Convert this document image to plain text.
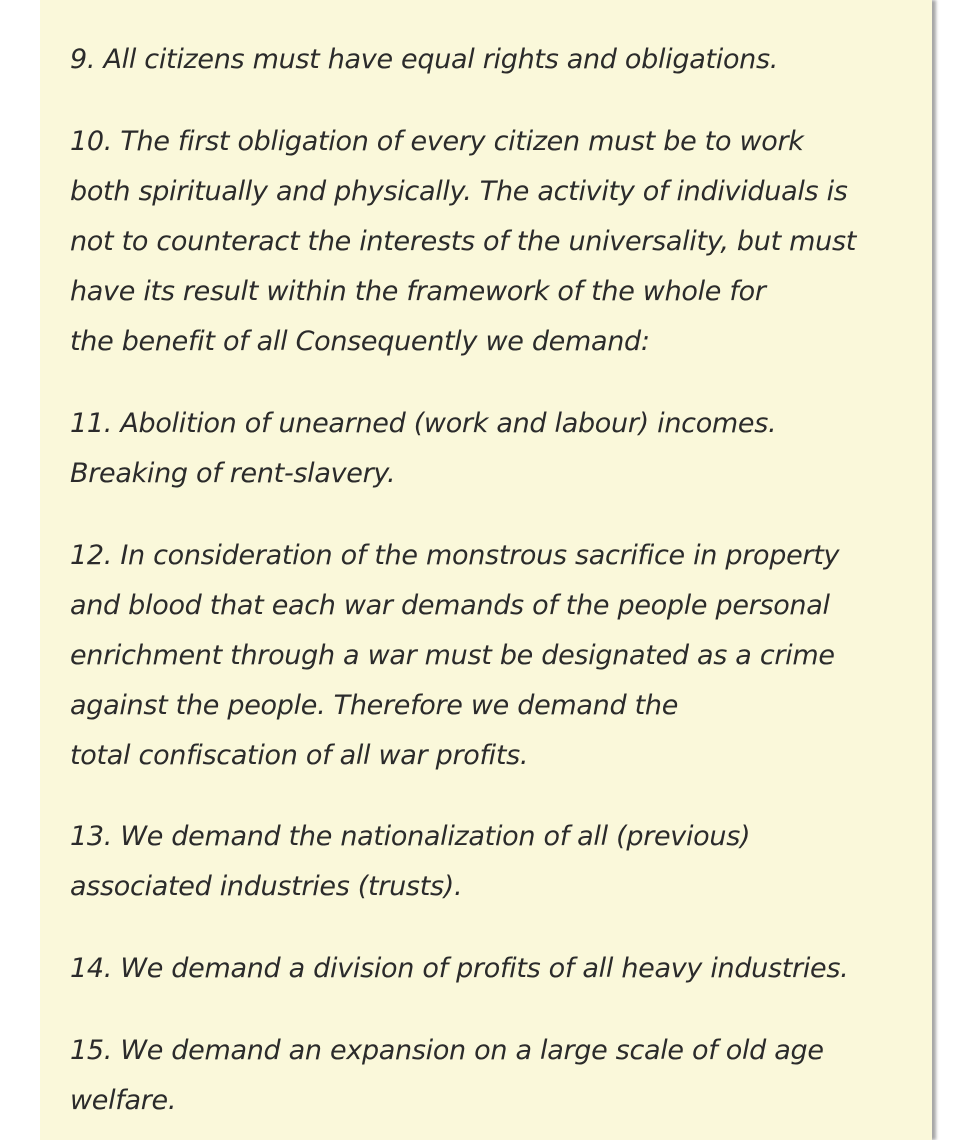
9. All citizens must have equal rights and obligations.

10. The first obligation of every citizen must be to work
both spiritually and physically. The activity of individuals is
not to counteract the interests of the universality, but must
have its result within the framework of the whole for
the benefit of all Consequently we demand:

11. Abolition of unearned (work and labour) incomes.
Breaking of rent-slavery.

12. In consideration of the monstrous sacrifice in property
and blood that each war demands of the people personal
enrichment through a war must be designated as a crime
against the people. Therefore we demand the
total confiscation of all war profits.

13. We demand the nationalization of all (previous)
associated industries (trusts).

14. We demand a division of profits of all heavy industries.

15. We demand an expansion on a large scale of old age
welfare.
